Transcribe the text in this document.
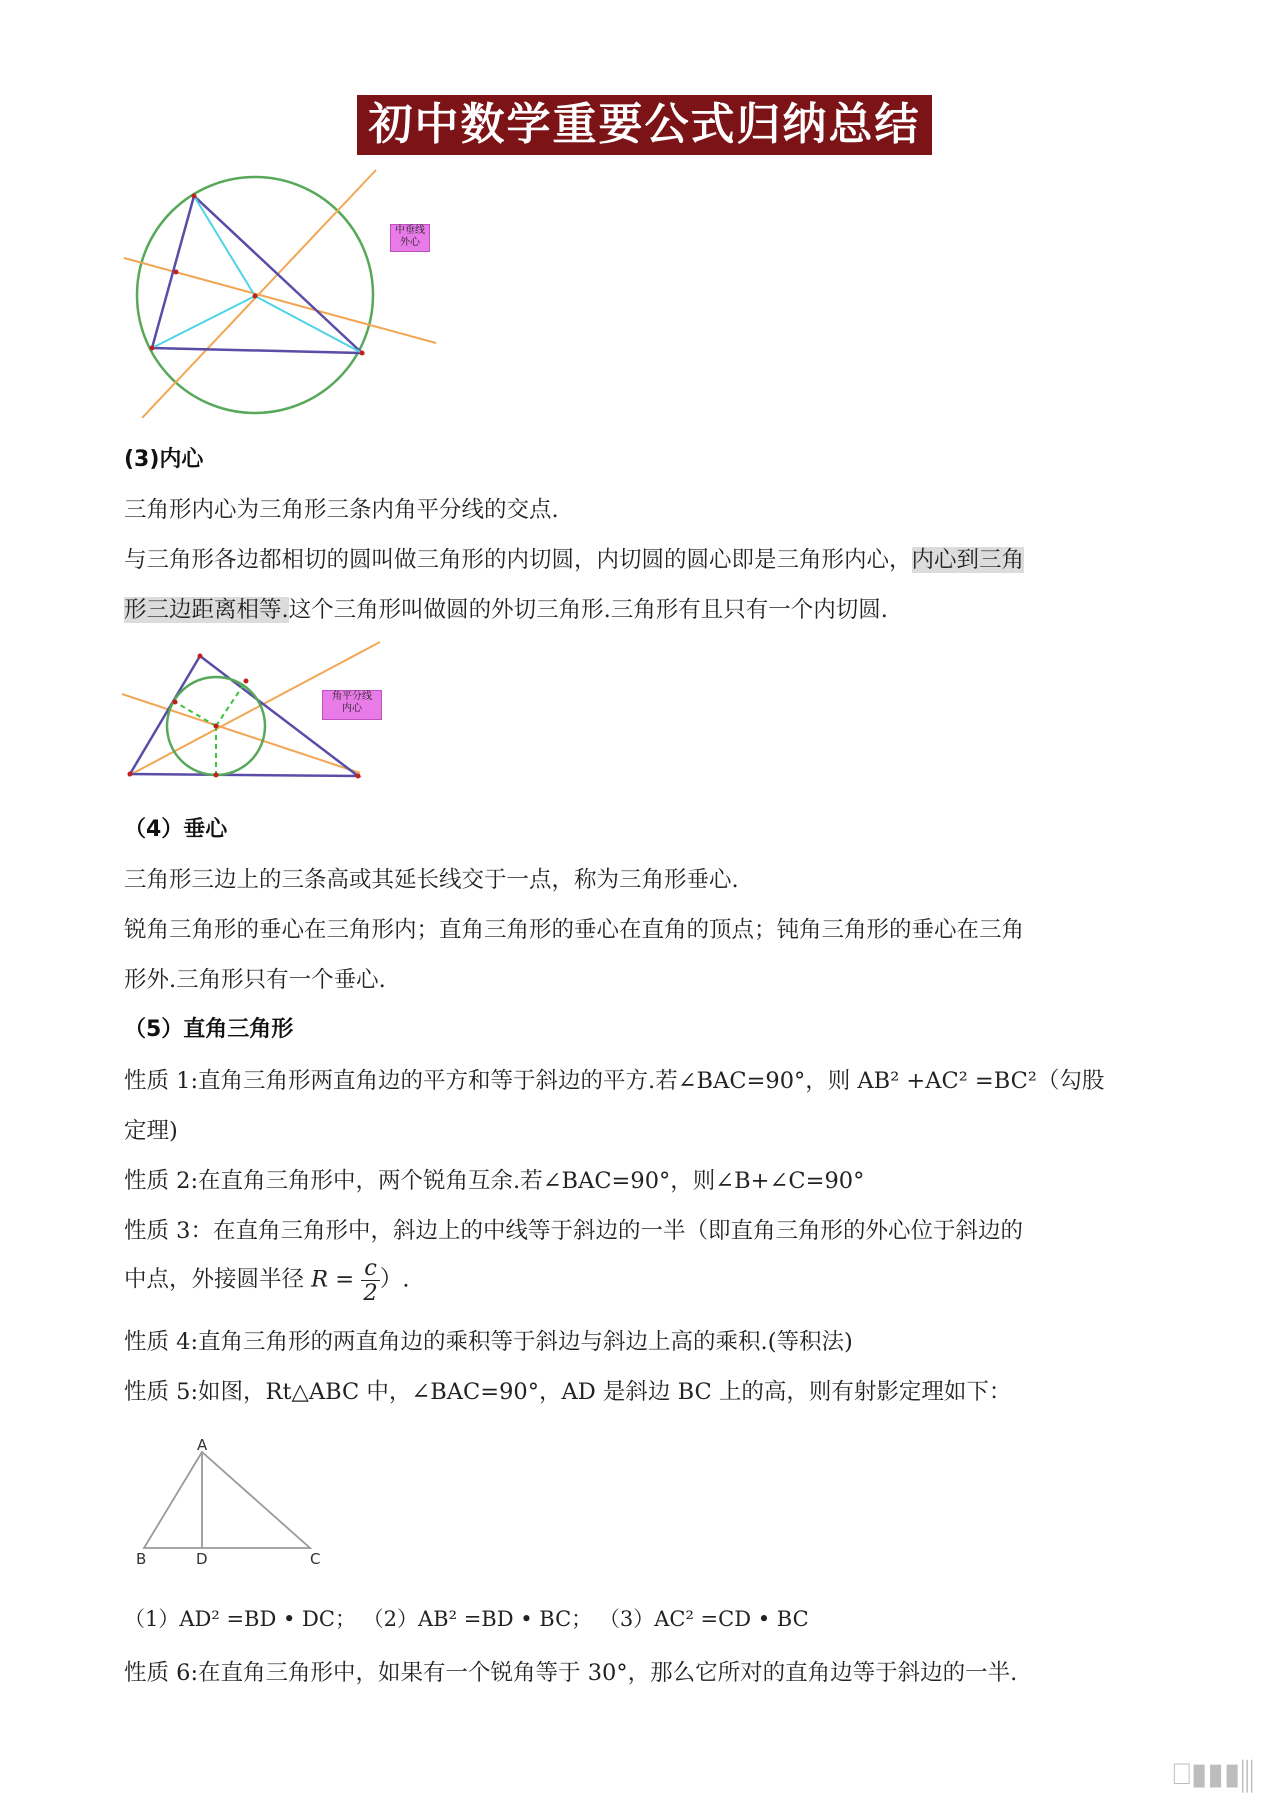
初中数学重要公式归纳总结
中垂线
外心
(3)内心
三角形内心为三角形三条内角平分线的交点.
与三角形各边都相切的圆叫做三角形的内切圆，内切圆的圆心即是三角形内心，内心到三角
形三边距离相等.这个三角形叫做圆的外切三角形.三角形有且只有一个内切圆.
角平分线
内心
（4）垂心
三角形三边上的三条高或其延长线交于一点，称为三角形垂心.
锐角三角形的垂心在三角形内；直角三角形的垂心在直角的顶点；钝角三角形的垂心在三角
形外.三角形只有一个垂心.
（5）直角三角形
性质 1:直角三角形两直角边的平方和等于斜边的平方.若∠BAC=90°，则 AB² +AC² =BC²（勾股
定理)
性质 2:在直角三角形中，两个锐角互余.若∠BAC=90°，则∠B+∠C=90°
性质 3：在直角三角形中，斜边上的中线等于斜边的一半（即直角三角形的外心位于斜边的
中点，外接圆半径 $R = \frac{c}{2}$ ）.
性质 4:直角三角形的两直角边的乘积等于斜边与斜边上高的乘积.(等积法)
性质 5:如图，Rt△ABC 中，∠BAC=90°，AD 是斜边 BC 上的高，则有射影定理如下：
A
B	D	C
（1）AD² =BD • DC； （2）AB² =BD • BC； （3）AC² =CD • BC
性质 6:在直角三角形中，如果有一个锐角等于 30°，那么它所对的直角边等于斜边的一半.
⎕▮▮▮⫼
